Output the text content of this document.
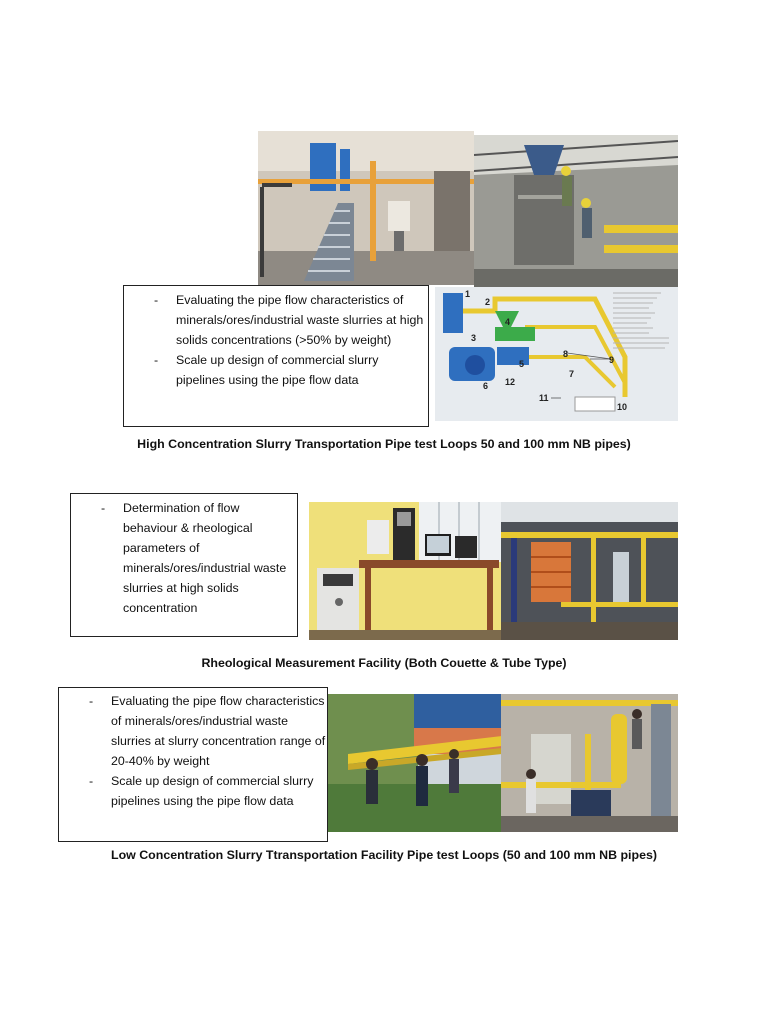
- Evaluating the pipe flow characteristics of minerals/ores/industrial waste slurries at high solids concentrations (>50% by weight)
- Scale up design of commercial slurry pipelines using the pipe flow data
1
2
3
4
5
6
7
8
9
10
11
12
High Concentration Slurry Transportation Pipe test Loops 50 and 100 mm NB pipes)
- Determination of flow behaviour & rheological parameters of minerals/ores/industrial waste slurries at high solids concentration
Rheological Measurement Facility (Both Couette & Tube Type)
- Evaluating the pipe flow characteristics of minerals/ores/industrial waste slurries at slurry concentration range of 20-40% by weight
- Scale up design of commercial slurry pipelines using the pipe flow data
Low Concentration Slurry Ttransportation Facility Pipe test Loops (50 and 100 mm NB pipes)
